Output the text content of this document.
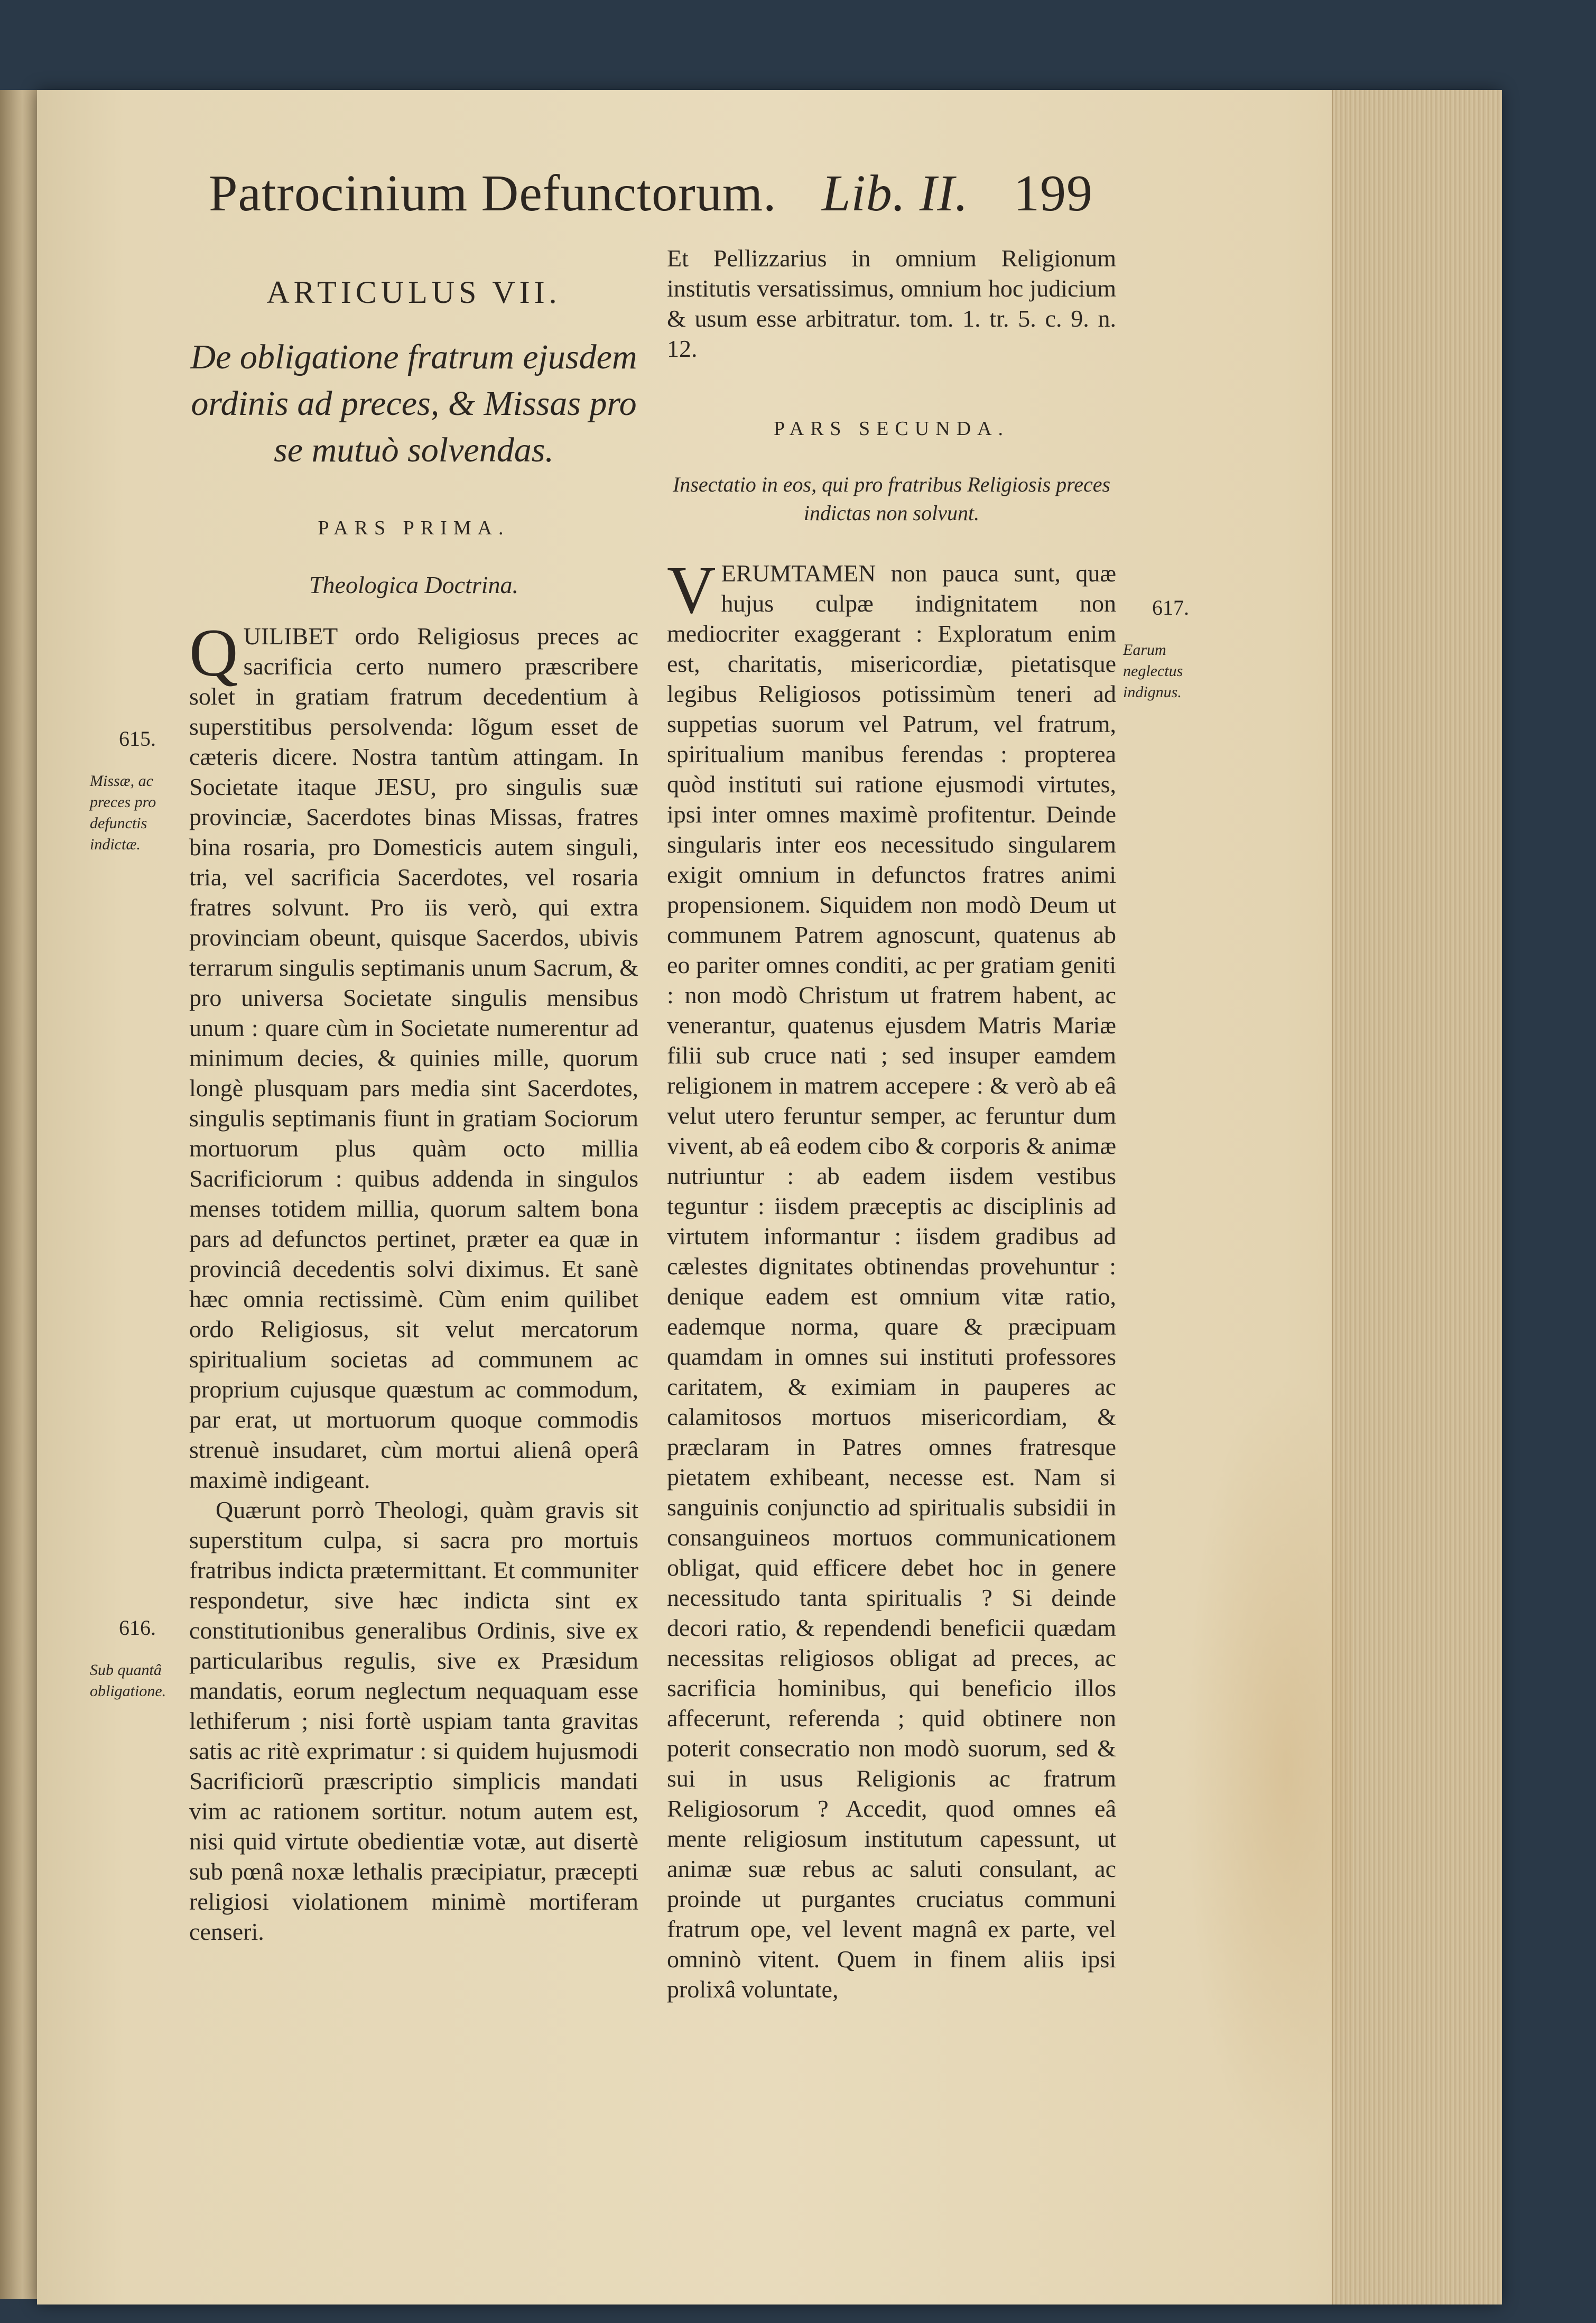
Patrocinium Defunctorum. Lib. II. 199

615.

Missæ, ac preces pro defunctis indictæ.

616.

Sub quantâ obligatione.

617.

Earum neglectus indignus.

ARTICULUS VII.
De obligatione fratrum ejusdem ordinis ad preces, & Missas pro se mutuò solvendas.
PARS PRIMA.
Theologica Doctrina.

QUILIBET ordo Religiosus preces ac sacrificia certo numero præscribere solet in gratiam fratrum decedentium à superstitibus persolvenda: lõgum esset de cæteris dicere. Nostra tantùm attingam. In Societate itaque JESU, pro singulis suæ provinciæ, Sacerdotes binas Missas, fratres bina rosaria, pro Domesticis autem singuli, tria, vel sacrificia Sacerdotes, vel rosaria fratres solvunt. Pro iis verò, qui extra provinciam obeunt, quisque Sacerdos, ubivis terrarum singulis septimanis unum Sacrum, & pro universa Societate singulis mensibus unum : quare cùm in Societate numerentur ad minimum decies, & quinies mille, quorum longè plusquam pars media sint Sacerdotes, singulis septimanis fiunt in gratiam Sociorum mortuorum plus quàm octo millia Sacrificiorum : quibus addenda in singulos menses totidem millia, quorum saltem bona pars ad defunctos pertinet, præter ea quæ in provinciâ decedentis solvi diximus. Et sanè hæc omnia rectissimè. Cùm enim quilibet ordo Religiosus, sit velut mercatorum spiritualium societas ad communem ac proprium cujusque quæstum ac commodum, par erat, ut mortuorum quoque commodis strenuè insudaret, cùm mortui alienâ operâ maximè indigeant.

Quærunt porrò Theologi, quàm gravis sit superstitum culpa, si sacra pro mortuis fratribus indicta prætermittant. Et communiter respondetur, sive hæc indicta sint ex constitutionibus generalibus Ordinis, sive ex particularibus regulis, sive ex Præsidum mandatis, eorum neglectum nequaquam esse lethiferum ; nisi fortè uspiam tanta gravitas satis ac ritè exprimatur : si quidem hujusmodi Sacrificiorũ præscriptio simplicis mandati vim ac rationem sortitur. notum autem est, nisi quid virtute obedientiæ votæ, aut disertè sub pœnâ noxæ lethalis præcipiatur, præcepti religiosi violationem minimè mortiferam censeri.

Et Pellizzarius in omnium Religionum institutis versatissimus, omnium hoc judicium & usum esse arbitratur. tom. 1. tr. 5. c. 9. n. 12.

PARS SECUNDA.
Insectatio in eos, qui pro fratribus Religiosis preces indictas non solvunt.

VERUMTAMEN non pauca sunt, quæ hujus culpæ indignitatem non mediocriter exaggerant : Exploratum enim est, charitatis, misericordiæ, pietatisque legibus Religiosos potissimùm teneri ad suppetias suorum vel Patrum, vel fratrum, spiritualium manibus ferendas : propterea quòd instituti sui ratione ejusmodi virtutes, ipsi inter omnes maximè profitentur. Deinde singularis inter eos necessitudo singularem exigit omnium in defunctos fratres animi propensionem. Siquidem non modò Deum ut communem Patrem agnoscunt, quatenus ab eo pariter omnes conditi, ac per gratiam geniti : non modò Christum ut fratrem habent, ac venerantur, quatenus ejusdem Matris Mariæ filii sub cruce nati ; sed insuper eamdem religionem in matrem accepere : & verò ab eâ velut utero feruntur semper, ac feruntur dum vivent, ab eâ eodem cibo & corporis & animæ nutriuntur : ab eadem iisdem vestibus teguntur : iisdem præceptis ac disciplinis ad virtutem informantur : iisdem gradibus ad cælestes dignitates obtinendas provehuntur : denique eadem est omnium vitæ ratio, eademque norma, quare & præcipuam quamdam in omnes sui instituti professores caritatem, & eximiam in pauperes ac calamitosos mortuos misericordiam, & præclaram in Patres omnes fratresque pietatem exhibeant, necesse est. Nam si sanguinis conjunctio ad spiritualis subsidii in consanguineos mortuos communicationem obligat, quid efficere debet hoc in genere necessitudo tanta spiritualis ? Si deinde decori ratio, & rependendi beneficii quædam necessitas religiosos obligat ad preces, ac sacrificia hominibus, qui beneficio illos affecerunt, referenda ; quid obtinere non poterit consecratio non modò suorum, sed & sui in usus Religionis ac fratrum Religiosorum ? Accedit, quod omnes eâ mente religiosum institutum capessunt, ut animæ suæ rebus ac saluti consulant, ac proinde ut purgantes cruciatus communi fratrum ope, vel levent magnâ ex parte, vel omninò vitent. Quem in finem aliis ipsi prolixâ voluntate,
